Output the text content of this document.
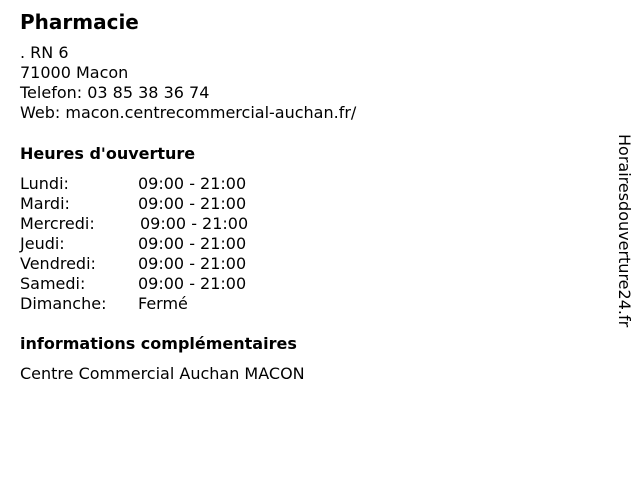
Pharmacie
. RN 6
71000 Macon
Telefon: 03 85 38 36 74
Web: macon.centrecommercial-auchan.fr/
Heures d'ouverture
Lundi:	09:00 - 21:00
Mardi:	09:00 - 21:00
Mercredi:	09:00 - 21:00
Jeudi:	09:00 - 21:00
Vendredi:	09:00 - 21:00
Samedi:	09:00 - 21:00
Dimanche: Fermé
informations complémentaires
Centre Commercial Auchan MACON
Horairesdouverture24.fr
